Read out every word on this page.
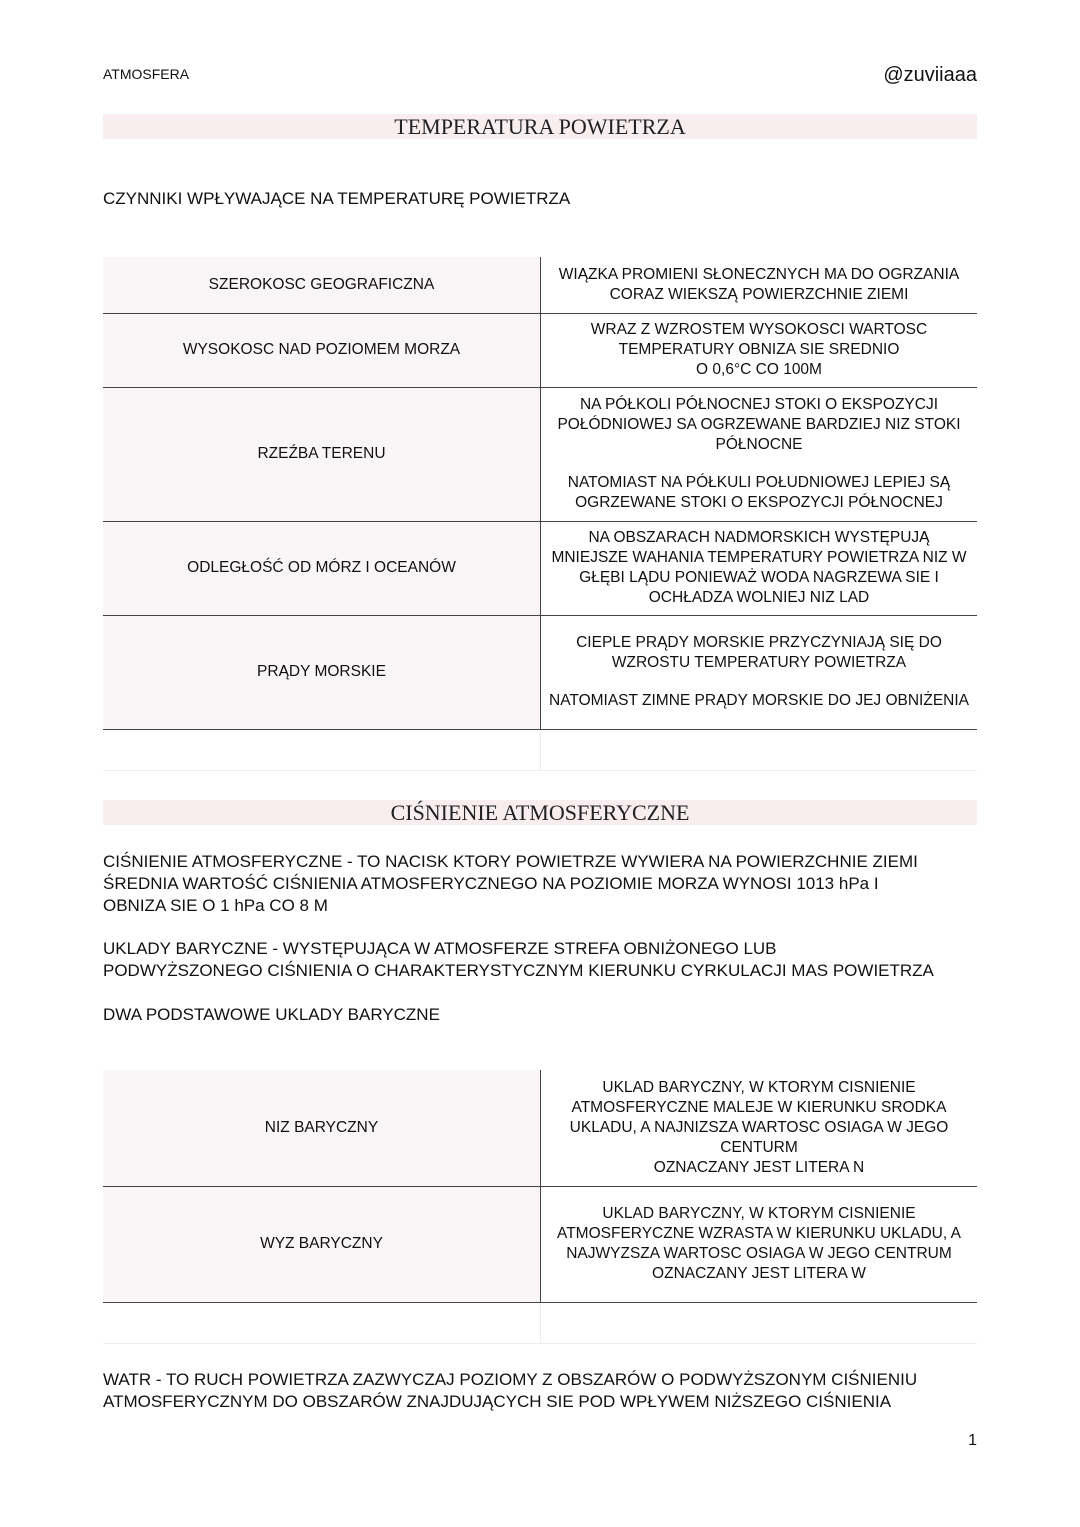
ATMOSFERA	@zuviiaaa
TEMPERATURA POWIETRZA
CZYNNIKI WPŁYWAJĄCE NA TEMPERATURĘ POWIETRZA
SZEROKOSC GEOGRAFICZNA	WIĄZKA PROMIENI SŁONECZNYCH MA DO OGRZANIA CORAZ WIEKSZĄ POWIERZCHNIE ZIEMI

WYSOKOSC NAD POZIOMEM MORZA	WRAZ Z WZROSTEM WYSOKOSCI WARTOSC TEMPERATURY OBNIZA SIE SREDNIO
O 0,6°C CO 100M

RZEŹBA TERENU	NA PÓŁKOLI PÓŁNOCNEJ STOKI O EKSPOZYCJI POŁÓDNIOWEJ SA OGRZEWANE BARDZIEJ NIZ STOKI PÓŁNOCNE
NATOMIAST NA PÓŁKULI POŁUDNIOWEJ LEPIEJ SĄ OGRZEWANE STOKI O EKSPOZYCJI PÓŁNOCNEJ

ODLEGŁOŚĆ OD MÓRZ I OCEANÓW	NA OBSZARACH NADMORSKICH WYSTĘPUJĄ MNIEJSZE WAHANIA TEMPERATURY POWIETRZA NIZ W GŁĘBI LĄDU PONIEWAŻ WODA NAGRZEWA SIE I OCHŁADZA WOLNIEJ NIZ LAD

PRĄDY MORSKIE	CIEPLE PRĄDY MORSKIE PRZYCZYNIAJĄ SIĘ DO WZROSTU TEMPERATURY POWIETRZA
NATOMIAST ZIMNE PRĄDY MORSKIE DO JEJ OBNIŻENIA

CIŚNIENIE ATMOSFERYCZNE
CIŚNIENIE ATMOSFERYCZNE - TO NACISK KTORY POWIETRZE WYWIERA NA POWIERZCHNIE ZIEMI
ŚREDNIA WARTOŚĆ CIŚNIENIA ATMOSFERYCZNEGO NA POZIOMIE MORZA WYNOSI 1013 hPa I
OBNIZA SIE O 1 hPa CO 8 M
UKLADY BARYCZNE - WYSTĘPUJĄCA W ATMOSFERZE STREFA OBNIŻONEGO LUB
PODWYŻSZONEGO CIŚNIENIA O CHARAKTERYSTYCZNYM KIERUNKU CYRKULACJI MAS POWIETRZA
DWA PODSTAWOWE UKLADY BARYCZNE
NIZ BARYCZNY	UKLAD BARYCZNY, W KTORYM CISNIENIE ATMOSFERYCZNE MALEJE W KIERUNKU SRODKA UKLADU, A NAJNIZSZA WARTOSC OSIAGA W JEGO CENTURM
OZNACZANY JEST LITERA N

WYZ BARYCZNY	UKLAD BARYCZNY, W KTORYM CISNIENIE ATMOSFERYCZNE WZRASTA W KIERUNKU UKLADU, A NAJWYZSZA WARTOSC OSIAGA W JEGO CENTRUM
OZNACZANY JEST LITERA W

WATR - TO RUCH POWIETRZA ZAZWYCZAJ POZIOMY Z OBSZARÓW O PODWYŻSZONYM CIŚNIENIU
ATMOSFERYCZNYM DO OBSZARÓW ZNAJDUJĄCYCH SIE POD WPŁYWEM NIŻSZEGO CIŚNIENIA
1
